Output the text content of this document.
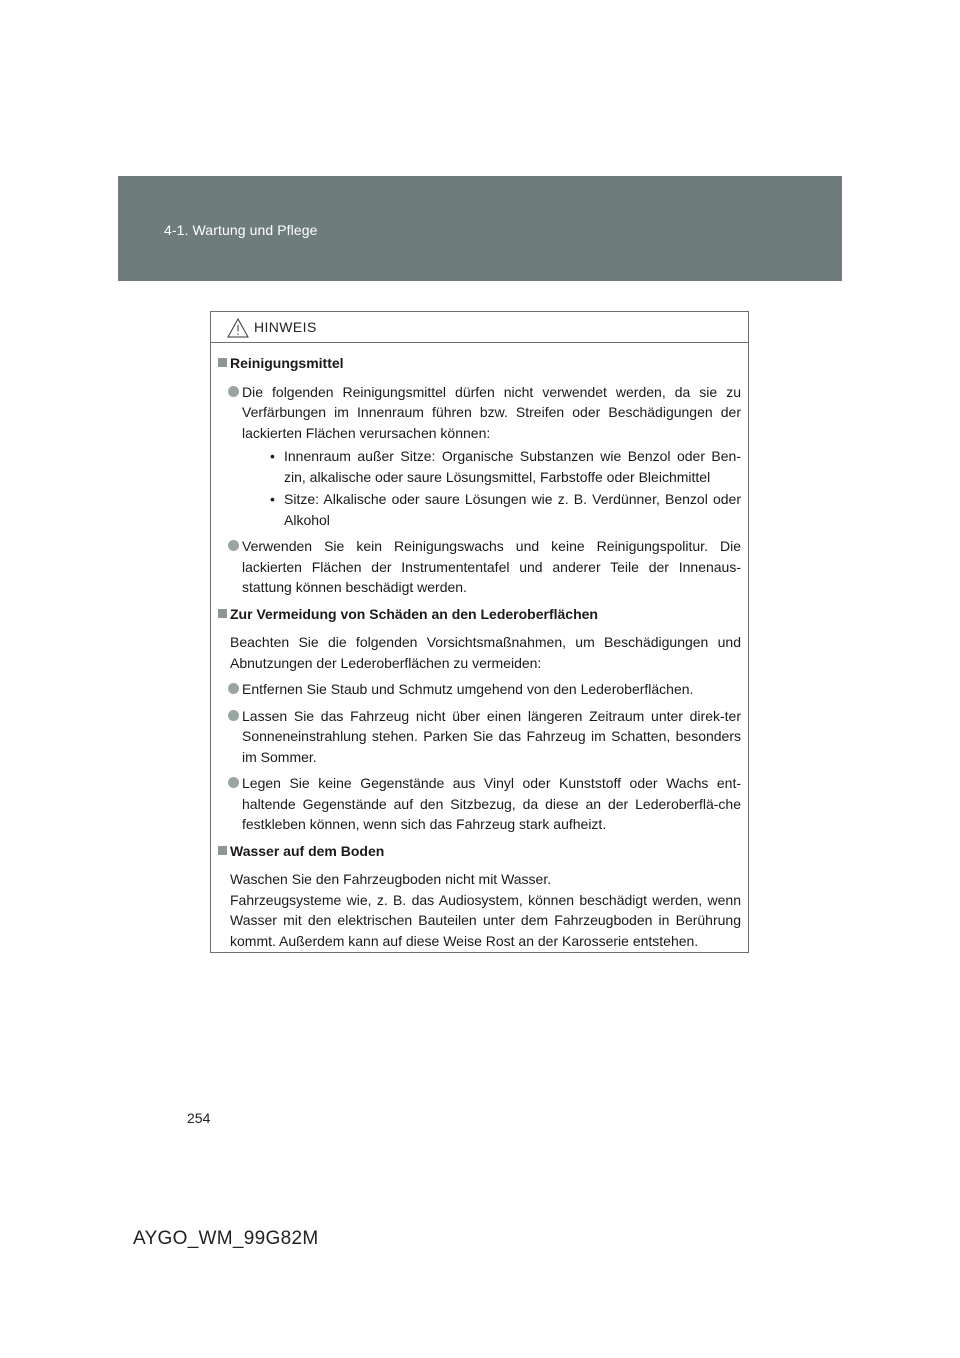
4-1. Wartung und Pflege
HINWEIS
Reinigungsmittel
Die folgenden Reinigungsmittel dürfen nicht verwendet werden, da sie zu Verfärbungen im Innenraum führen bzw. Streifen oder Beschädigungen der lackierten Flächen verursachen können:
• Innenraum außer Sitze: Organische Substanzen wie Benzol oder Ben-zin, alkalische oder saure Lösungsmittel, Farbstoffe oder Bleichmittel
• Sitze: Alkalische oder saure Lösungen wie z. B. Verdünner, Benzol oder Alkohol
Verwenden Sie kein Reinigungswachs und keine Reinigungspolitur. Die lackierten Flächen der Instrumententafel und anderer Teile der Innenaus-stattung können beschädigt werden.
Zur Vermeidung von Schäden an den Lederoberflächen
Beachten Sie die folgenden Vorsichtsmaßnahmen, um Beschädigungen und Abnutzungen der Lederoberflächen zu vermeiden:
Entfernen Sie Staub und Schmutz umgehend von den Lederoberflächen.
Lassen Sie das Fahrzeug nicht über einen längeren Zeitraum unter direk-ter Sonneneinstrahlung stehen. Parken Sie das Fahrzeug im Schatten, besonders im Sommer.
Legen Sie keine Gegenstände aus Vinyl oder Kunststoff oder Wachs ent-haltende Gegenstände auf den Sitzbezug, da diese an der Lederoberflä-che festkleben können, wenn sich das Fahrzeug stark aufheizt.
Wasser auf dem Boden
Waschen Sie den Fahrzeugboden nicht mit Wasser.
Fahrzeugsysteme wie, z. B. das Audiosystem, können beschädigt werden, wenn Wasser mit den elektrischen Bauteilen unter dem Fahrzeugboden in Berührung kommt. Außerdem kann auf diese Weise Rost an der Karosserie entstehen.
254
AYGO_WM_99G82M
